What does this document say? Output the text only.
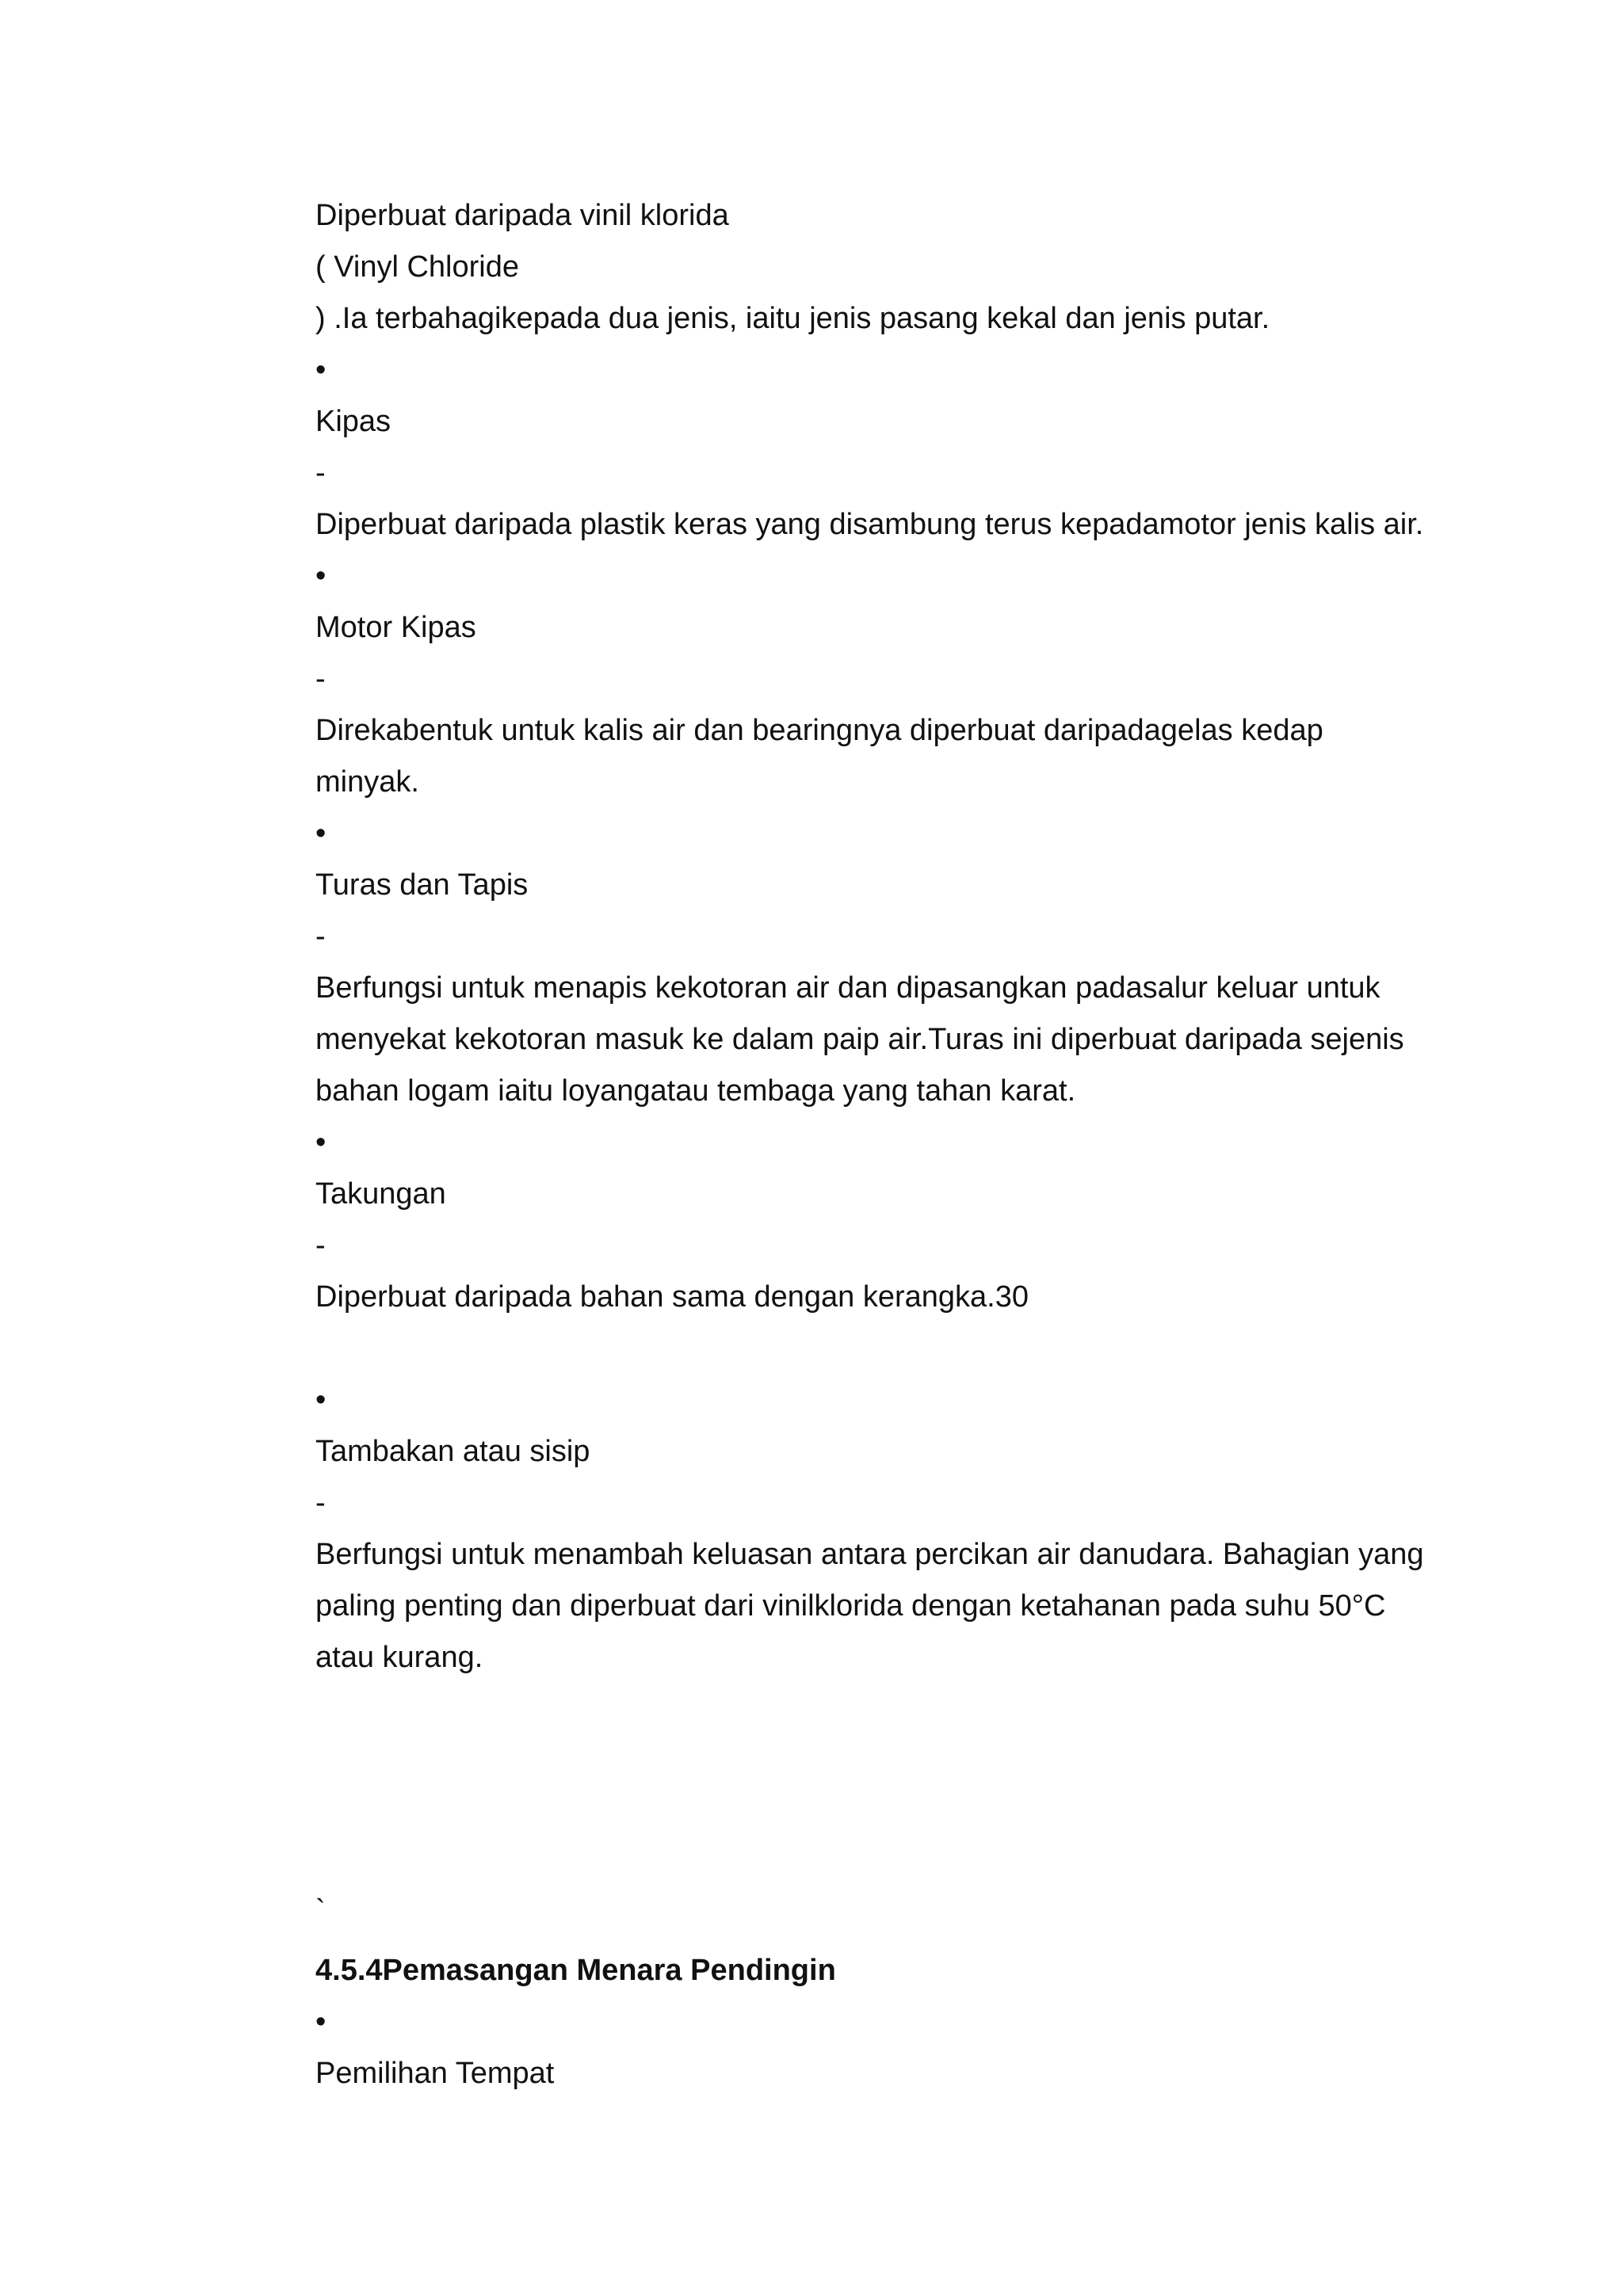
Diperbuat daripada vinil klorida

( Vinyl Chloride

) .Ia terbahagikepada dua jenis, iaitu jenis pasang kekal dan jenis putar.

•

Kipas

-

Diperbuat daripada plastik keras yang disambung terus kepadamotor jenis kalis air.

•

Motor Kipas

-

Direkabentuk untuk kalis air dan bearingnya diperbuat daripadagelas kedap

minyak.

•

Turas dan Tapis

-

Berfungsi untuk menapis kekotoran air dan dipasangkan padasalur keluar untuk

menyekat kekotoran masuk ke dalam paip air.Turas ini diperbuat daripada sejenis

bahan logam iaitu loyangatau tembaga yang tahan karat.

•

Takungan

-

Diperbuat daripada bahan sama dengan kerangka.30

•

Tambakan atau sisip

-

Berfungsi untuk menambah keluasan antara percikan air danudara. Bahagian yang

paling penting dan diperbuat dari vinilklorida dengan ketahanan pada suhu 50°C

atau kurang.

`

4.5.4Pemasangan Menara Pendingin

•

Pemilihan Tempat
